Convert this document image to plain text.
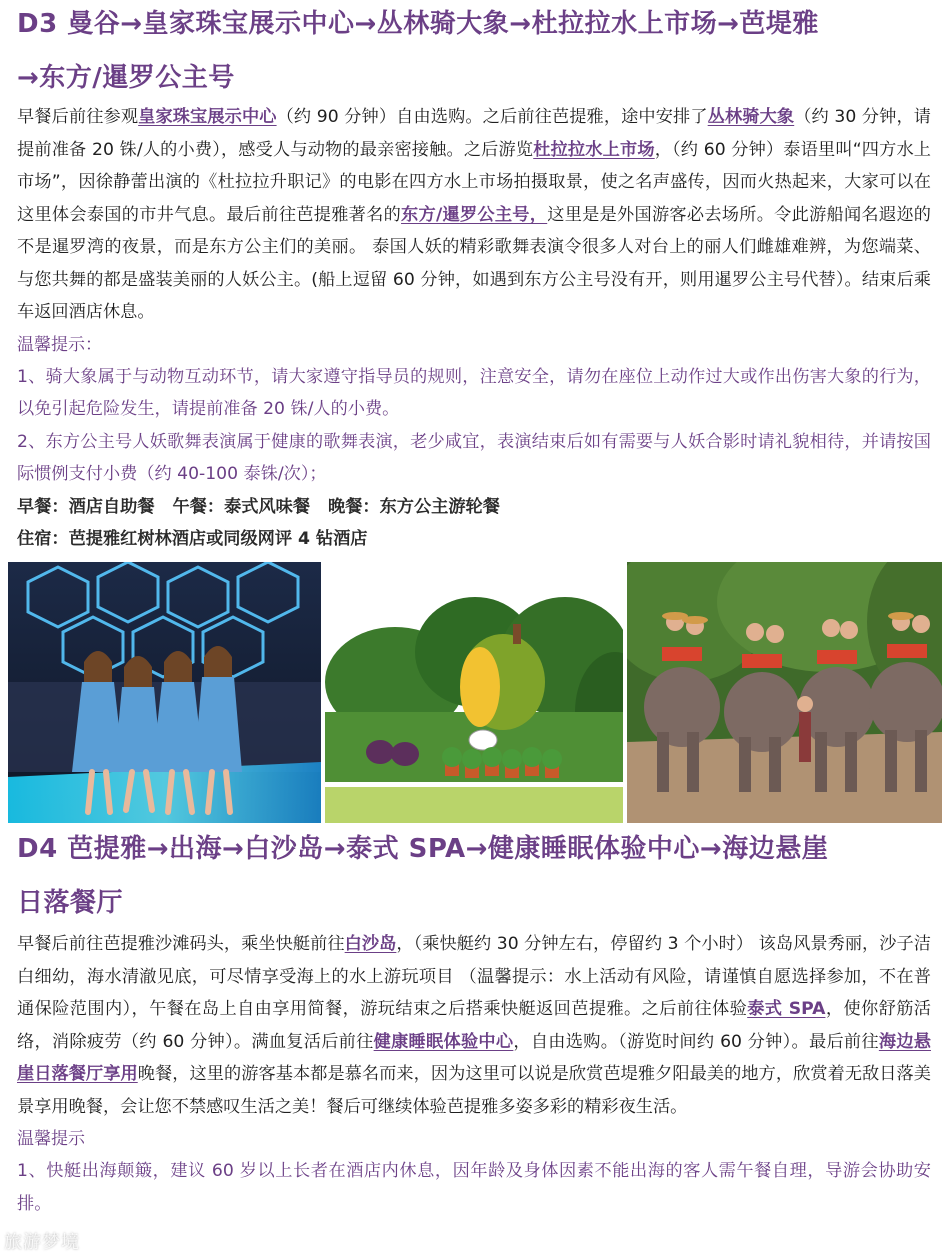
D3 曼谷→皇家珠宝展示中心→丛林骑大象→杜拉拉水上市场→芭堤雅
→东方/暹罗公主号

早餐后前往参观皇家珠宝展示中心（约 90 分钟）自由选购。之后前往芭提雅，途中安排了丛林骑大象（约 30 分钟，请提前准备 20 铢/人的小费），感受人与动物的最亲密接触。之后游览杜拉拉水上市场，（约 60 分钟）泰语里叫“四方水上市场”，因徐静蕾出演的《杜拉拉升职记》的电影在四方水上市场拍摄取景，使之名声盛传，因而火热起来，大家可以在这里体会泰国的市井气息。最后前往芭提雅著名的东方/暹罗公主号，这里是是外国游客必去场所。令此游船闻名遐迩的不是暹罗湾的夜景，而是东方公主们的美丽。 泰国人妖的精彩歌舞表演令很多人对台上的丽人们雌雄难辨，为您端菜、与您共舞的都是盛装美丽的人妖公主。(船上逗留 60 分钟，如遇到东方公主号没有开，则用暹罗公主号代替）。结束后乘车返回酒店休息。

温馨提示：

1、骑大象属于与动物互动环节，请大家遵守指导员的规则，注意安全，请勿在座位上动作过大或作出伤害大象的行为，以免引起危险发生，请提前准备 20 铢/人的小费。

2、东方公主号人妖歌舞表演属于健康的歌舞表演，老少咸宜，表演结束后如有需要与人妖合影时请礼貌相待，并请按国际惯例支付小费（约 40-100 泰铢/次）；

早餐：酒店自助餐 午餐：泰式风味餐 晚餐：东方公主游轮餐
住宿：芭提雅红树林酒店或同级网评 4 钻酒店
D4 芭提雅→出海→白沙岛→泰式 SPA→健康睡眠体验中心→海边悬崖
日落餐厅

早餐后前往芭提雅沙滩码头，乘坐快艇前往白沙岛，（乘快艇约 30 分钟左右，停留约 3 个小时） 该岛风景秀丽，沙子洁白细幼，海水清澈见底，可尽情享受海上的水上游玩项目 （温馨提示：水上活动有风险，请谨慎自愿选择参加，不在普通保险范围内），午餐在岛上自由享用简餐，游玩结束之后搭乘快艇返回芭提雅。之后前往体验泰式 SPA，使你舒筋活络，消除疲劳（约 60 分钟）。满血复活后前往健康睡眠体验中心，自由选购。（游览时间约 60 分钟）。最后前往海边悬崖日落餐厅享用晚餐，这里的游客基本都是慕名而来，因为这里可以说是欣赏芭堤雅夕阳最美的地方，欣赏着无敌日落美景享用晚餐，会让您不禁感叹生活之美！餐后可继续体验芭提雅多姿多彩的精彩夜生活。

温馨提示

1、快艇出海颠簸，建议 60 岁以上长者在酒店内休息，因年龄及身体因素不能出海的客人需午餐自理，导游会协助安排。

旅游梦境
